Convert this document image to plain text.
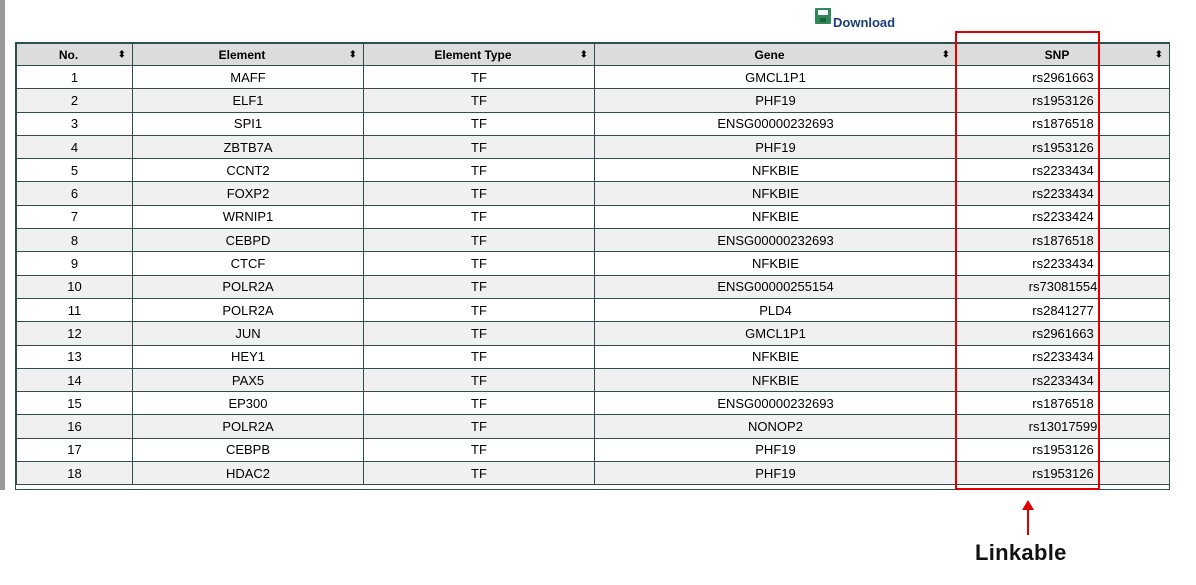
Download
No. ⬍	Element ⬍	Element Type ⬍	Gene ⬍	SNP ⬍

1	MAFF	TF	GMCL1P1	rs2961663
2	ELF1	TF	PHF19	rs1953126
3	SPI1	TF	ENSG00000232693	rs1876518
4	ZBTB7A	TF	PHF19	rs1953126
5	CCNT2	TF	NFKBIE	rs2233434
6	FOXP2	TF	NFKBIE	rs2233434
7	WRNIP1	TF	NFKBIE	rs2233424
8	CEBPD	TF	ENSG00000232693	rs1876518
9	CTCF	TF	NFKBIE	rs2233434
10	POLR2A	TF	ENSG00000255154	rs73081554
11	POLR2A	TF	PLD4	rs2841277
12	JUN	TF	GMCL1P1	rs2961663
13	HEY1	TF	NFKBIE	rs2233434
14	PAX5	TF	NFKBIE	rs2233434
15	EP300	TF	ENSG00000232693	rs1876518
16	POLR2A	TF	NONOP2	rs13017599
17	CEBPB	TF	PHF19	rs1953126
18	HDAC2	TF	PHF19	rs1953126
Linkable
